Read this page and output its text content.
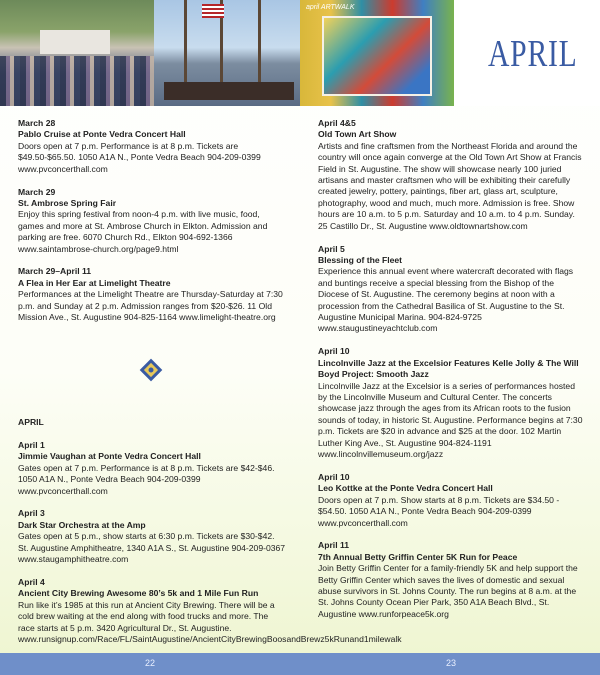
april ARTWALK
APRIL
March 28
Pablo Cruise at Ponte Vedra Concert Hall
Doors open at 7 p.m. Performance is at 8 p.m. Tickets are $49.50-$65.50. 1050 A1A N., Ponte Vedra Beach 904-209-0399 www.pvconcerthall.com
March 29
St. Ambrose Spring Fair
Enjoy this spring festival from noon-4 p.m. with live music, food, games and more at St. Ambrose Church in Elkton. Admission and parking are free. 6070 Church Rd., Elkton 904-692-1366 www.saintambrose-church.org/page9.html
March 29–April 11
A Flea in Her Ear at Limelight Theatre
Performances at the Limelight Theatre are Thursday-Saturday at 7:30 p.m. and Sunday at 2 p.m. Admission ranges from $20-$26. 11 Old Mission Ave., St. Augustine 904-825-1164 www.limelight-theatre.org
APRIL
April 1
Jimmie Vaughan at Ponte Vedra Concert Hall
Gates open at 7 p.m. Performance is at 8 p.m. Tickets are $42-$46. 1050 A1A N., Ponte Vedra Beach 904-209-0399 www.pvconcerthall.com
April 3
Dark Star Orchestra at the Amp
Gates open at 5 p.m., show starts at 6:30 p.m. Tickets are $30-$42. St. Augustine Amphitheatre, 1340 A1A S., St. Augustine 904-209-0367 www.staugamphitheatre.com
April 4
Ancient City Brewing Awesome 80’s 5k and 1 Mile Fun Run
Run like it’s 1985 at this run at Ancient City Brewing. There will be a cold brew waiting at the end along with food trucks and more. The race starts at 5 p.m. 3420 Agricultural Dr., St. Augustine. www.runsignup.com/Race/FL/SaintAugustine/AncientCityBrewingBoosandBrewz5kRunand1milewalk
April 4&5
Old Town Art Show
Artists and fine craftsmen from the Northeast Florida and around the country will once again converge at the Old Town Art Show at Francis Field in St. Augustine. The show will showcase nearly 100 juried artisans and master craftsmen who will be exhibiting their carefully created jewelry, pottery, paintings, fiber art, glass art, sculpture, photography, wood and much, much more. Admission is free. Show hours are 10 a.m. to 5 p.m. Saturday and 10 a.m. to 4 p.m. Sunday. 25 Castillo Dr., St. Augustine www.oldtownartshow.com
April 5
Blessing of the Fleet
Experience this annual event where watercraft decorated with flags and buntings receive a special blessing from the Bishop of the Diocese of St. Augustine. The ceremony begins at noon with a procession from the Cathedral Basilica of St. Augustine to the St. Augustine Municipal Marina. 904-824-9725 www.staugustineyachtclub.com
April 10
Lincolnville Jazz at the Excelsior Features Kelle Jolly & The Will Boyd Project: Smooth Jazz
Lincolnville Jazz at the Excelsior is a series of performances hosted by the Lincolnville Museum and Cultural Center. The concerts showcase jazz through the ages from its African roots to the fusion sounds of today, in historic St. Augustine. Performance begins at 7:30 p.m. Tickets are $20 in advance and $25 at the door. 102 Martin Luther King Ave., St. Augustine 904-824-1191 www.lincolnvillemuseum.org/jazz
April 10
Leo Kottke at the Ponte Vedra Concert Hall
Doors open at 7 p.m. Show starts at 8 p.m. Tickets are $34.50 - $54.50. 1050 A1A N., Ponte Vedra Beach 904-209-0399 www.pvconcerthall.com
April 11
7th Annual Betty Griffin Center 5K Run for Peace
Join Betty Griffin Center for a family-friendly 5K and help support the Betty Griffin Center which saves the lives of domestic and sexual abuse survivors in St. Johns County. The run begins at 8 a.m. at the St. Johns County Ocean Pier Park, 350 A1A Beach Blvd., St. Augustine www.runforpeace5k.org
22	23
